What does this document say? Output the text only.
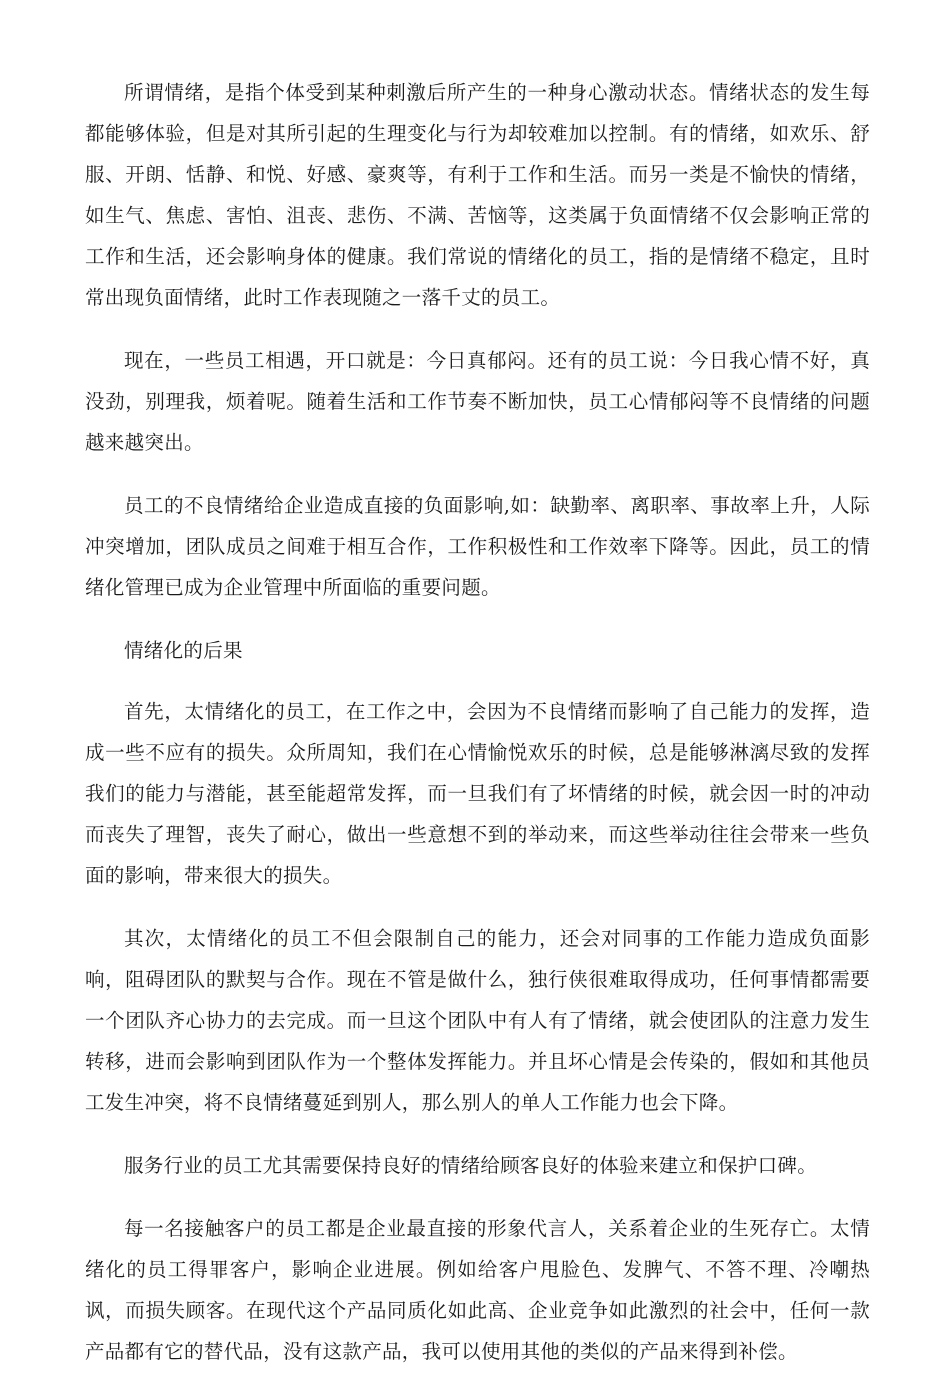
所谓情绪，是指个体受到某种刺激后所产生的一种身心激动状态。情绪状态的发生每都能够体验，但是对其所引起的生理变化与行为却较难加以控制。有的情绪，如欢乐、舒服、开朗、恬静、和悦、好感、豪爽等，有利于工作和生活。而另一类是不愉快的情绪，如生气、焦虑、害怕、沮丧、悲伤、不满、苦恼等，这类属于负面情绪不仅会影响正常的工作和生活，还会影响身体的健康。我们常说的情绪化的员工，指的是情绪不稳定，且时常出现负面情绪，此时工作表现随之一落千丈的员工。

现在，一些员工相遇，开口就是：今日真郁闷。还有的员工说：今日我心情不好，真没劲，别理我，烦着呢。随着生活和工作节奏不断加快，员工心情郁闷等不良情绪的问题越来越突出。

员工的不良情绪给企业造成直接的负面影响,如：缺勤率、离职率、事故率上升，人际冲突增加，团队成员之间难于相互合作，工作积极性和工作效率下降等。因此，员工的情绪化管理已成为企业管理中所面临的重要问题。

情绪化的后果

首先，太情绪化的员工，在工作之中，会因为不良情绪而影响了自己能力的发挥，造成一些不应有的损失。众所周知，我们在心情愉悦欢乐的时候，总是能够淋漓尽致的发挥我们的能力与潜能，甚至能超常发挥，而一旦我们有了坏情绪的时候，就会因一时的冲动而丧失了理智，丧失了耐心，做出一些意想不到的举动来，而这些举动往往会带来一些负面的影响，带来很大的损失。

其次，太情绪化的员工不但会限制自己的能力，还会对同事的工作能力造成负面影响，阻碍团队的默契与合作。现在不管是做什么，独行侠很难取得成功，任何事情都需要一个团队齐心协力的去完成。而一旦这个团队中有人有了情绪，就会使团队的注意力发生转移，进而会影响到团队作为一个整体发挥能力。并且坏心情是会传染的，假如和其他员工发生冲突，将不良情绪蔓延到别人，那么别人的单人工作能力也会下降。

服务行业的员工尤其需要保持良好的情绪给顾客良好的体验来建立和保护口碑。

每一名接触客户的员工都是企业最直接的形象代言人，关系着企业的生死存亡。太情绪化的员工得罪客户，影响企业进展。例如给客户甩脸色、发脾气、不答不理、冷嘲热讽，而损失顾客。在现代这个产品同质化如此高、企业竞争如此激烈的社会中，任何一款产品都有它的替代品，没有这款产品，我可以使用其他的类似的产品来得到补偿。
